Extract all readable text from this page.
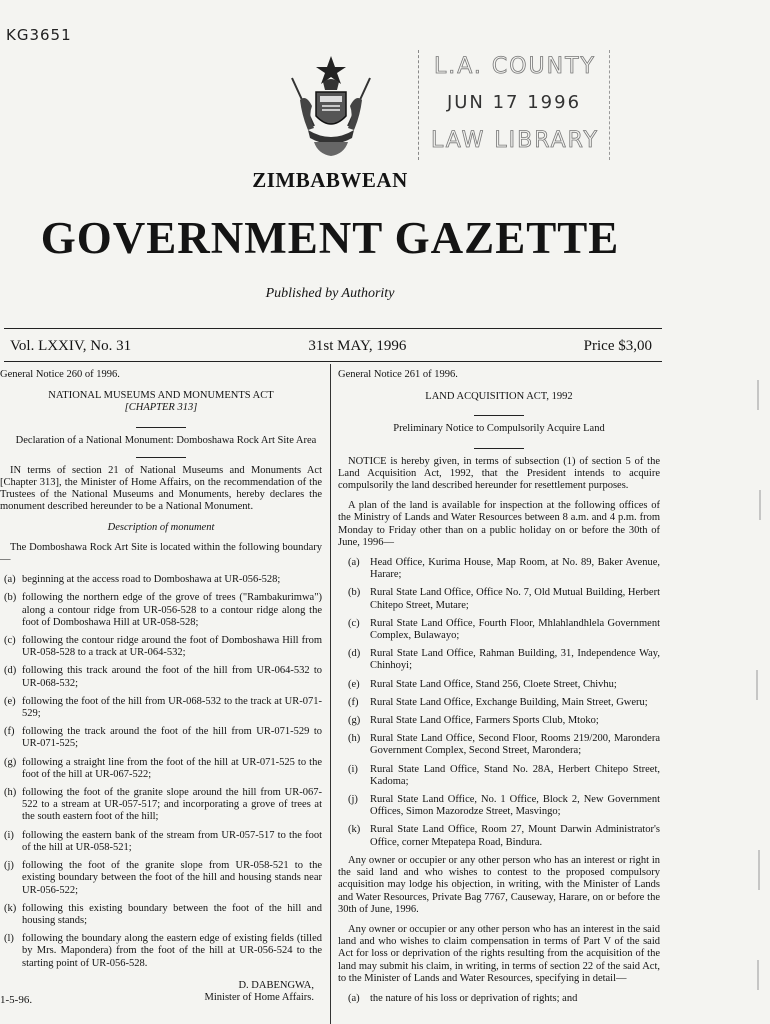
KG3651
L.A. COUNTY
JUN 17 1996
LAW LIBRARY
ZIMBABWEAN
GOVERNMENT GAZETTE
Published by Authority
Vol. LXXIV, No. 31	31st MAY, 1996	Price $3,00
General Notice 260 of 1996.
NATIONAL MUSEUMS AND MONUMENTS ACT
[CHAPTER 313]
Declaration of a National Monument: Domboshawa Rock Art Site Area

IN terms of section 21 of National Museums and Monuments Act [Chapter 313], the Minister of Home Affairs, on the recommendation of the Trustees of the National Museums and Monuments, hereby declares the monument described hereunder to be a National Monument.

Description of monument

The Domboshawa Rock Art Site is located within the following boundary—

(a) beginning at the access road to Domboshawa at UR-056-528;
(b) following the northern edge of the grove of trees ("Rambakurimwa") along a contour ridge from UR-056-528 to a contour ridge along the foot of Domboshawa Hill at UR-058-528;
(c) following the contour ridge around the foot of Domboshawa Hill from UR-058-528 to a track at UR-064-532;
(d) following this track around the foot of the hill from UR-064-532 to UR-068-532;
(e) following the foot of the hill from UR-068-532 to the track at UR-071-529;
(f) following the track around the foot of the hill from UR-071-529 to UR-071-525;
(g) following a straight line from the foot of the hill at UR-071-525 to the foot of the hill at UR-067-522;
(h) following the foot of the granite slope around the hill from UR-067-522 to a stream at UR-057-517; and incorporating a grove of trees at the south eastern foot of the hill;
(i) following the eastern bank of the stream from UR-057-517 to the foot of the hill at UR-058-521;
(j) following the foot of the granite slope from UR-058-521 to the existing boundary between the foot of the hill and housing stands near UR-056-522;
(k) following this existing boundary between the foot of the hill and housing stands;
(l) following the boundary along the eastern edge of existing fields (tilled by Mrs. Mapondera) from the foot of the hill at UR-056-524 to the starting point of UR-056-528.
1-5-96.
D. DABENGWA,
Minister of Home Affairs.
General Notice 261 of 1996.
LAND ACQUISITION ACT, 1992
Preliminary Notice to Compulsorily Acquire Land

NOTICE is hereby given, in terms of subsection (1) of section 5 of the Land Acquisition Act, 1992, that the President intends to acquire compulsorily the land described hereunder for resettlement purposes.

A plan of the land is available for inspection at the following offices of the Ministry of Lands and Water Resources between 8 a.m. and 4 p.m. from Monday to Friday other than on a public holiday on or before the 30th of June, 1996—

(a) Head Office, Kurima House, Map Room, at No. 89, Baker Avenue, Harare;
(b) Rural State Land Office, Office No. 7, Old Mutual Building, Herbert Chitepo Street, Mutare;
(c) Rural State Land Office, Fourth Floor, Mhlahlandhlela Government Complex, Bulawayo;
(d) Rural State Land Office, Rahman Building, 31, Independence Way, Chinhoyi;
(e) Rural State Land Office, Stand 256, Cloete Street, Chivhu;
(f) Rural State Land Office, Exchange Building, Main Street, Gweru;
(g) Rural State Land Office, Farmers Sports Club, Mtoko;
(h) Rural State Land Office, Second Floor, Rooms 219/200, Marondera Government Complex, Second Street, Marondera;
(i) Rural State Land Office, Stand No. 28A, Herbert Chitepo Street, Kadoma;
(j) Rural State Land Office, No. 1 Office, Block 2, New Government Offices, Simon Mazorodze Street, Masvingo;
(k) Rural State Land Office, Room 27, Mount Darwin Administrator's Office, corner Mtepatepa Road, Bindura.

Any owner or occupier or any other person who has an interest or right in the said land and who wishes to contest to the proposed compulsory acquisition may lodge his objection, in writing, with the Minister of Lands and Water Resources, Private Bag 7767, Causeway, Harare, on or before the 30th of June, 1996.

Any owner or occupier or any other person who has an interest in the said land and who wishes to claim compensation in terms of Part V of the said Act for loss or deprivation of the rights resulting from the acquisition of the land may submit his claim, in writing, in terms of section 22 of the said Act, to the Minister of Lands and Water Resources, specifying in detail—

(a) the nature of his loss or deprivation of rights; and
